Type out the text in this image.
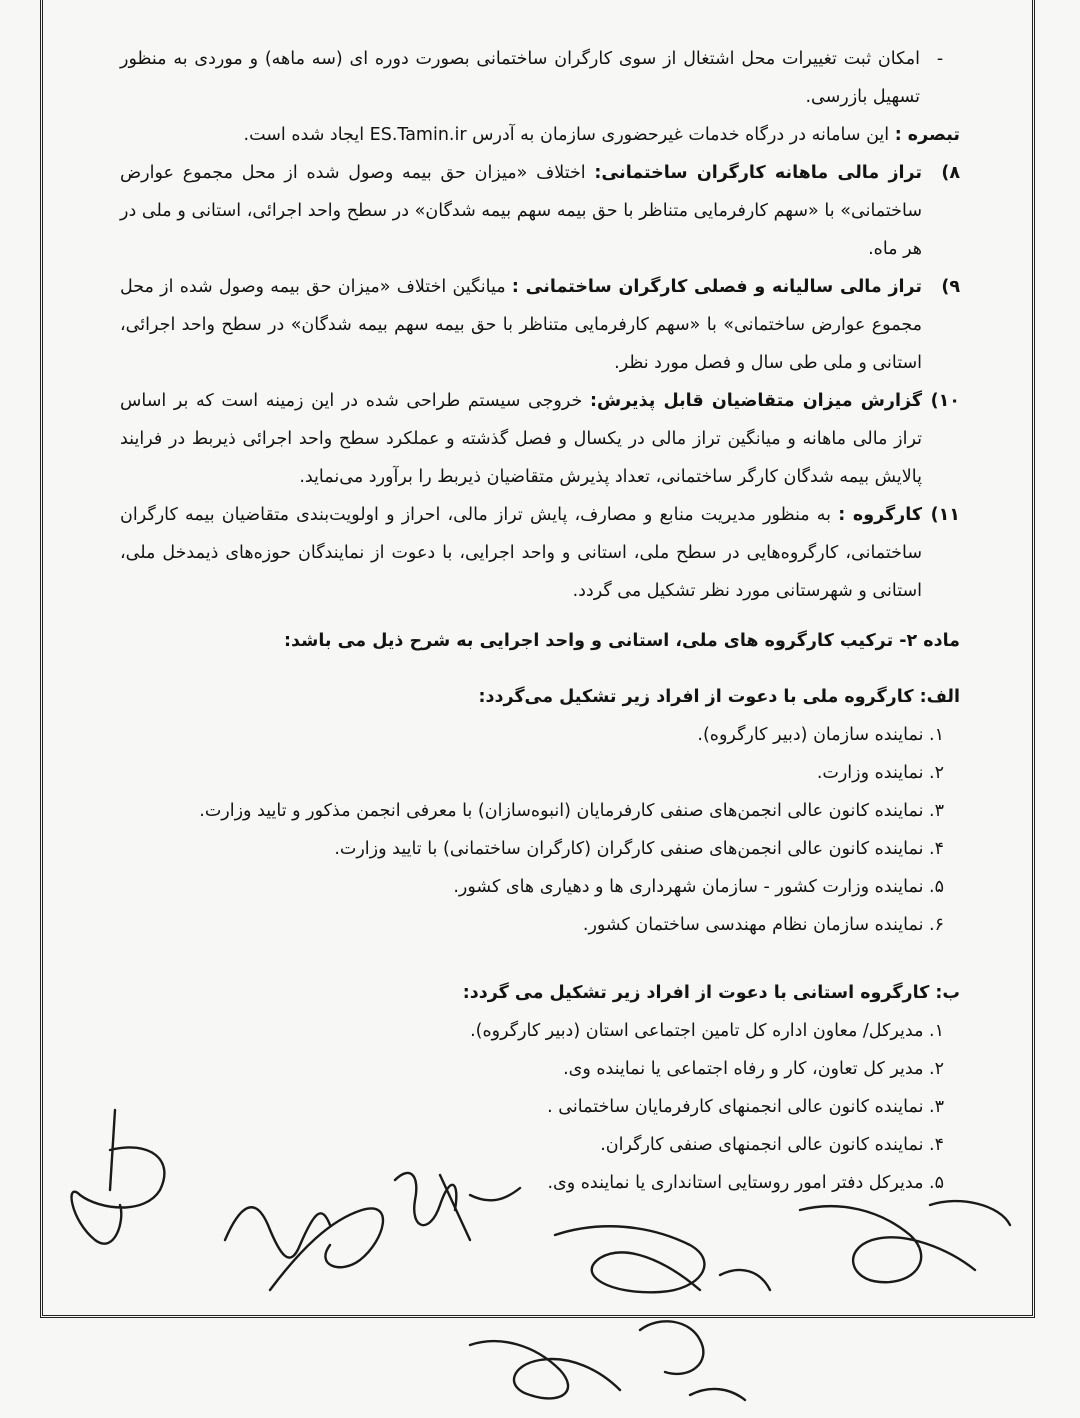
-
امکان ثبت تغییرات محل اشتغال از سوی کارگران ساختمانی بصورت دوره ای (سه ماهه) و موردی به منظور تسهیل بازرسی.

تبصره : این سامانه در درگاه خدمات غیرحضوری سازمان به آدرس ES.Tamin.ir ایجاد شده است.

۸)

تراز مالی ماهانه کارگران ساختمانی: اختلاف «میزان حق بیمه وصول شده از محل مجموع عوارض ساختمانی» با «سهم کارفرمایی متناظر با حق بیمه سهم بیمه شدگان» در سطح واحد اجرائی، استانی و ملی در هر ماه.

۹)

تراز مالی سالیانه و فصلی کارگران ساختمانی : میانگین اختلاف «میزان حق بیمه وصول شده از محل مجموع عوارض ساختمانی» با «سهم کارفرمایی متناظر با حق بیمه سهم بیمه شدگان» در سطح واحد اجرائی، استانی و ملی طی سال و فصل مورد نظر.

۱۰)

گزارش میزان متقاضیان قابل پذیرش: خروجی سیستم طراحی شده در این زمینه است که بر اساس تراز مالی ماهانه و میانگین تراز مالی در یکسال و فصل گذشته و عملکرد سطح واحد اجرائی ذیربط در فرایند پالایش بیمه شدگان کارگر ساختمانی، تعداد پذیرش متقاضیان ذیربط را برآورد می‌نماید.

۱۱)

کارگروه : به منظور مدیریت منابع و مصارف، پایش تراز مالی، احراز و اولویت‌بندی متقاضیان بیمه کارگران ساختمانی، کارگروه‌هایی در سطح ملی، استانی و واحد اجرایی، با دعوت از نمایندگان حوزه‌های ذیمدخل ملی، استانی و شهرستانی مورد نظر تشکیل می گردد.

ماده ۲- ترکیب کارگروه های ملی، استانی و واحد اجرایی به شرح ذیل می باشد:

الف: کارگروه ملی با دعوت از افراد زیر تشکیل می‌گردد:

۱. نماینده سازمان (دبیر کارگروه).
۲. نماینده وزارت.
۳. نماینده کانون عالی انجمن‌های صنفی کارفرمایان (انبوه‌سازان) با معرفی انجمن مذکور و تایید وزارت.
۴. نماینده کانون عالی انجمن‌های صنفی کارگران (کارگران ساختمانی) با تایید وزارت.
۵. نماینده وزارت کشور - سازمان شهرداری ها و دهیاری های کشور.
۶. نماینده سازمان نظام مهندسی ساختمان کشور.

ب: کارگروه استانی با دعوت از افراد زیر تشکیل می گردد:

۱. مدیرکل/ معاون اداره کل تامین اجتماعی استان (دبیر کارگروه).
۲. مدیر کل تعاون، کار و رفاه اجتماعی یا نماینده وی.
۳. نماینده کانون عالی انجمنهای کارفرمایان ساختمانی .
۴. نماینده کانون عالی انجمنهای صنفی کارگران.
۵. مدیرکل دفتر امور روستایی استانداری یا نماینده وی.
